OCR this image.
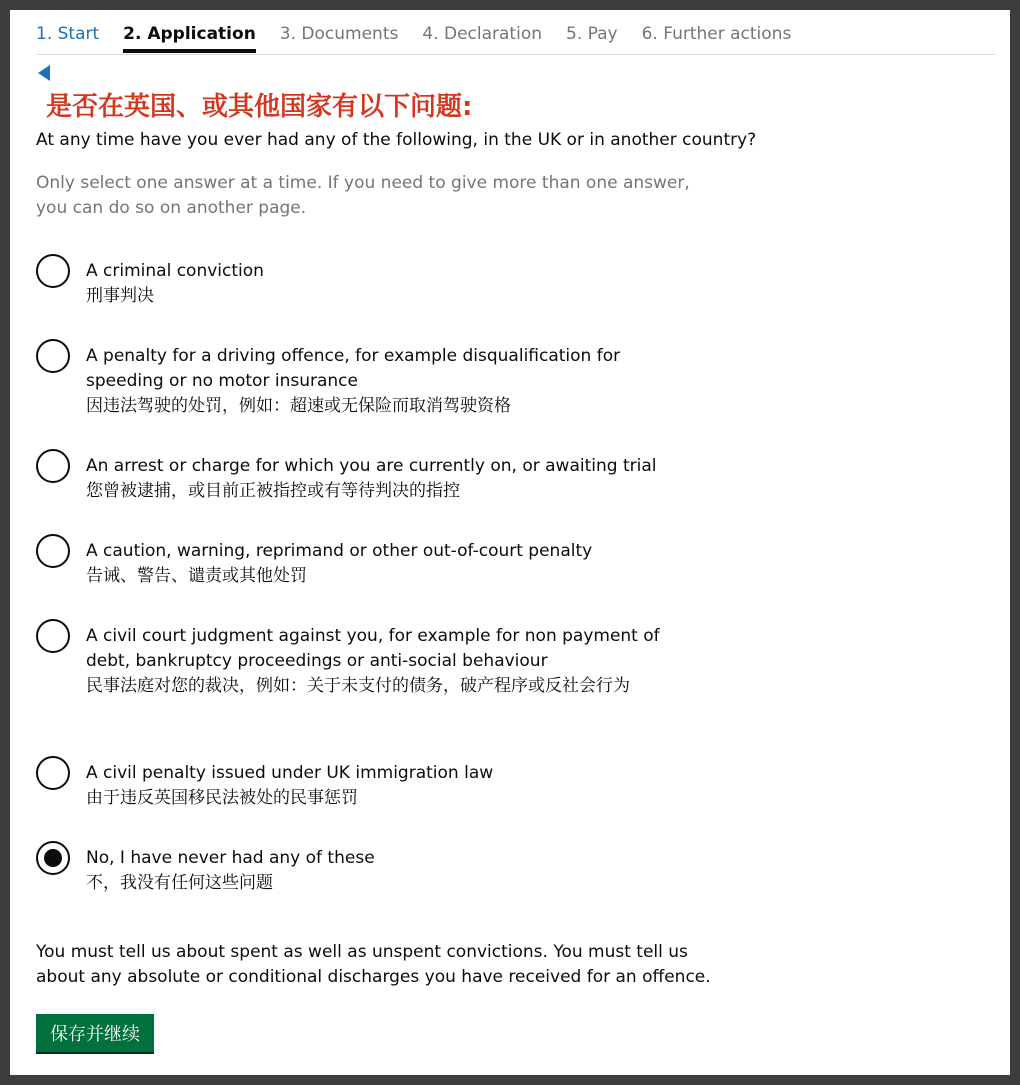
1. Start 2. Application 3. Documents 4. Declaration 5. Pay 6. Further actions
是否在英国、或其他国家有以下问题:
At any time have you ever had any of the following, in the UK or in another country?
Only select one answer at a time. If you need to give more than one answer, you can do so on another page.
A criminal conviction
刑事判决
A penalty for a driving offence, for example disqualification for speeding or no motor insurance
因违法驾驶的处罚，例如：超速或无保险而取消驾驶资格
An arrest or charge for which you are currently on, or awaiting trial
您曾被逮捕，或目前正被指控或有等待判决的指控
A caution, warning, reprimand or other out-of-court penalty
告诫、警告、谴责或其他处罚
A civil court judgment against you, for example for non payment of debt, bankruptcy proceedings or anti-social behaviour
民事法庭对您的裁决，例如：关于未支付的债务，破产程序或反社会行为
A civil penalty issued under UK immigration law
由于违反英国移民法被处的民事惩罚
No, I have never had any of these
不，我没有任何这些问题
You must tell us about spent as well as unspent convictions. You must tell us about any absolute or conditional discharges you have received for an offence.
保存并继续
